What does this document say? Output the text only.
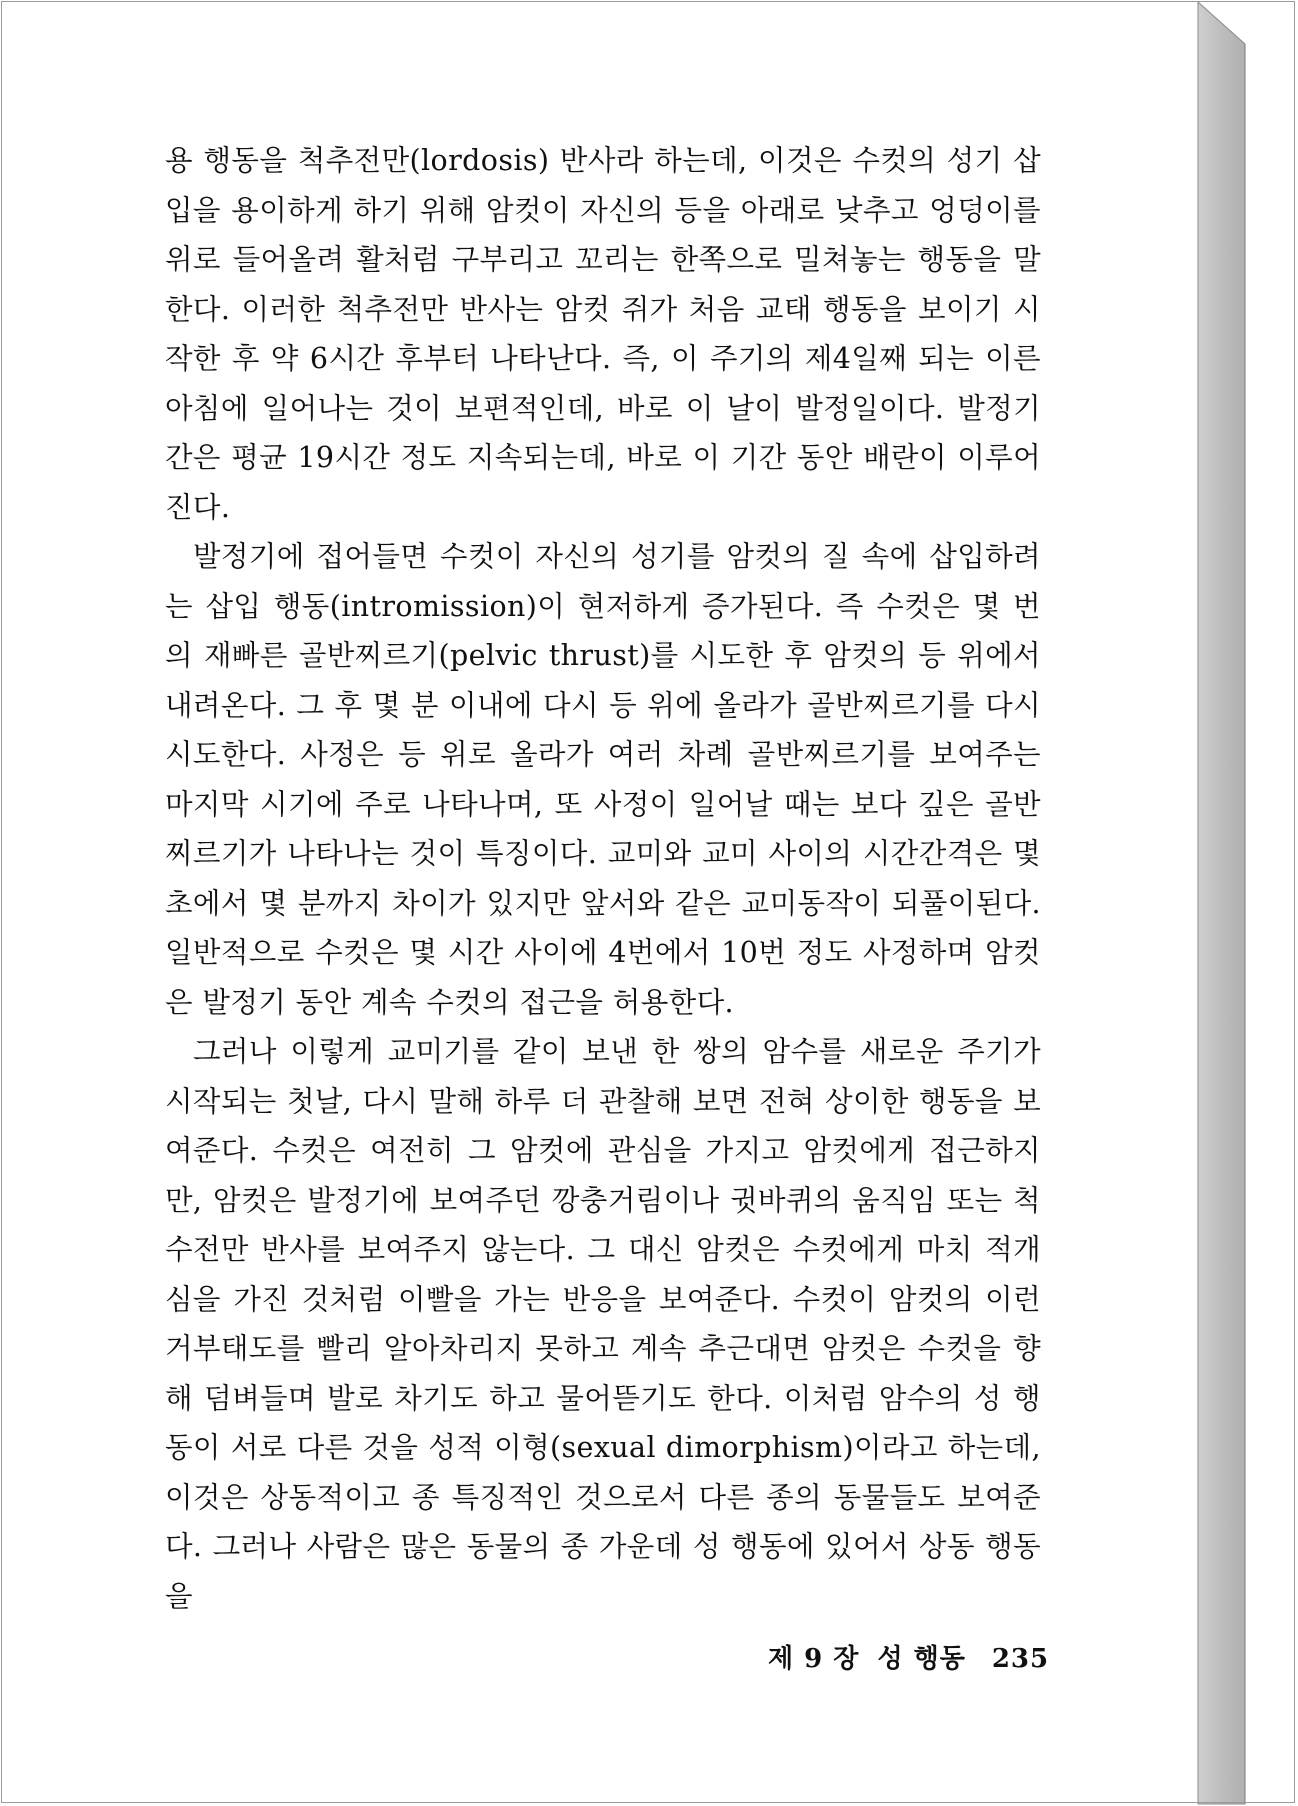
용 행동을 척추전만(lordosis) 반사라 하는데, 이것은 수컷의 성기 삽입을 용이하게 하기 위해 암컷이 자신의 등을 아래로 낮추고 엉덩이를 위로 들어올려 활처럼 구부리고 꼬리는 한쪽으로 밀쳐놓는 행동을 말한다. 이러한 척추전만 반사는 암컷 쥐가 처음 교태 행동을 보이기 시작한 후 약 6시간 후부터 나타난다. 즉, 이 주기의 제4일째 되는 이른 아침에 일어나는 것이 보편적인데, 바로 이 날이 발정일이다. 발정기간은 평균 19시간 정도 지속되는데, 바로 이 기간 동안 배란이 이루어진다.

발정기에 접어들면 수컷이 자신의 성기를 암컷의 질 속에 삽입하려는 삽입 행동(intromission)이 현저하게 증가된다. 즉 수컷은 몇 번의 재빠른 골반찌르기(pelvic thrust)를 시도한 후 암컷의 등 위에서 내려온다. 그 후 몇 분 이내에 다시 등 위에 올라가 골반찌르기를 다시 시도한다. 사정은 등 위로 올라가 여러 차례 골반찌르기를 보여주는 마지막 시기에 주로 나타나며, 또 사정이 일어날 때는 보다 깊은 골반찌르기가 나타나는 것이 특징이다. 교미와 교미 사이의 시간간격은 몇 초에서 몇 분까지 차이가 있지만 앞서와 같은 교미동작이 되풀이된다. 일반적으로 수컷은 몇 시간 사이에 4번에서 10번 정도 사정하며 암컷은 발정기 동안 계속 수컷의 접근을 허용한다.

그러나 이렇게 교미기를 같이 보낸 한 쌍의 암수를 새로운 주기가 시작되는 첫날, 다시 말해 하루 더 관찰해 보면 전혀 상이한 행동을 보여준다. 수컷은 여전히 그 암컷에 관심을 가지고 암컷에게 접근하지만, 암컷은 발정기에 보여주던 깡충거림이나 귓바퀴의 움직임 또는 척수전만 반사를 보여주지 않는다. 그 대신 암컷은 수컷에게 마치 적개심을 가진 것처럼 이빨을 가는 반응을 보여준다. 수컷이 암컷의 이런 거부태도를 빨리 알아차리지 못하고 계속 추근대면 암컷은 수컷을 향해 덤벼들며 발로 차기도 하고 물어뜯기도 한다. 이처럼 암수의 성 행동이 서로 다른 것을 성적 이형(sexual dimorphism)이라고 하는데, 이것은 상동적이고 종 특징적인 것으로서 다른 종의 동물들도 보여준다. 그러나 사람은 많은 동물의 종 가운데 성 행동에 있어서 상동 행동을

제 9 장 성 행동 235
